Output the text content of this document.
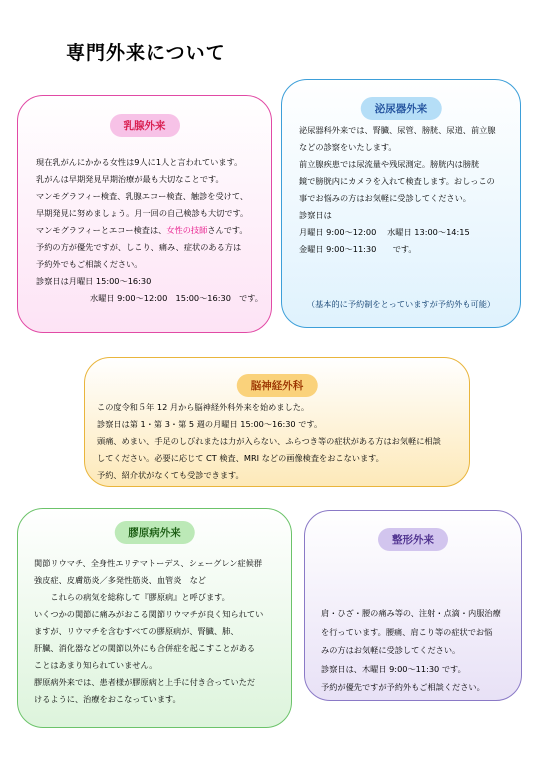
専門外来について
乳腺外来
現在乳がんにかかる女性は9人に1人と言われています。
乳がんは早期発見早期治療が最も大切なことです。
マンモグラフィー検査、乳腺エコー検査、触診を受けて、
早期発見に努めましょう。月一回の自己検診も大切です。
マンモグラフィーとエコー検査は、女性の技師さんです。
予約の方が優先ですが、しこり、痛み、症状のある方は
予約外でもご相談ください。
診察日は月曜日 15:00～16:30
水曜日 9:00～12:00　15:00～16:30　です。
泌尿器外来
泌尿器科外来では、腎臓、尿管、膀胱、尿道、前立腺
などの診察をいたします。
前立腺疾患では尿流量や残尿測定。膀胱内は膀胱
鏡で膀胱内にカメラを入れて検査します。おしっこの
事でお悩みの方はお気軽に受診してください。
診察日は
月曜日 9:00～12:00　 水曜日 13:00～14:15
金曜日 9:00～11:30　　です。
（基本的に予約制をとっていますが予約外も可能）
脳神経外科
この度令和５年 12 月から脳神経外科外来を始めました。
診察日は第 1・第 3・第 5 週の月曜日 15:00～16:30 です。
頭痛、めまい、手足のしびれまたは力が入らない、ふらつき等の症状がある方はお気軽に相談
してください。必要に応じて CT 検査、MRI などの画像検査をおこないます。
予約、紹介状がなくても受診できます。
膠原病外来
関節リウマチ、全身性エリテマトーデス、シェーグレン症候群
強皮症、皮膚筋炎／多発性筋炎、血管炎　など
　　これらの病気を総称して『膠原病』と呼びます。
いくつかの関節に痛みがおこる関節リウマチが良く知られてい
ますが、リウマチを含むすべての膠原病が、腎臓、肺、
肝臓、消化器などの関節以外にも合併症を起こすことがある
ことはあまり知られていません。
膠原病外来では、患者様が膠原病と上手に付き合っていただ
けるように、治療をおこなっています。
整形外来
肩・ひざ・腰の痛み等の、注射・点滴・内服治療
を行っています。腰痛、肩こり等の症状でお悩
みの方はお気軽に受診してください。
診察日は、木曜日 9:00～11:30 です。
予約が優先ですが予約外もご相談ください。
